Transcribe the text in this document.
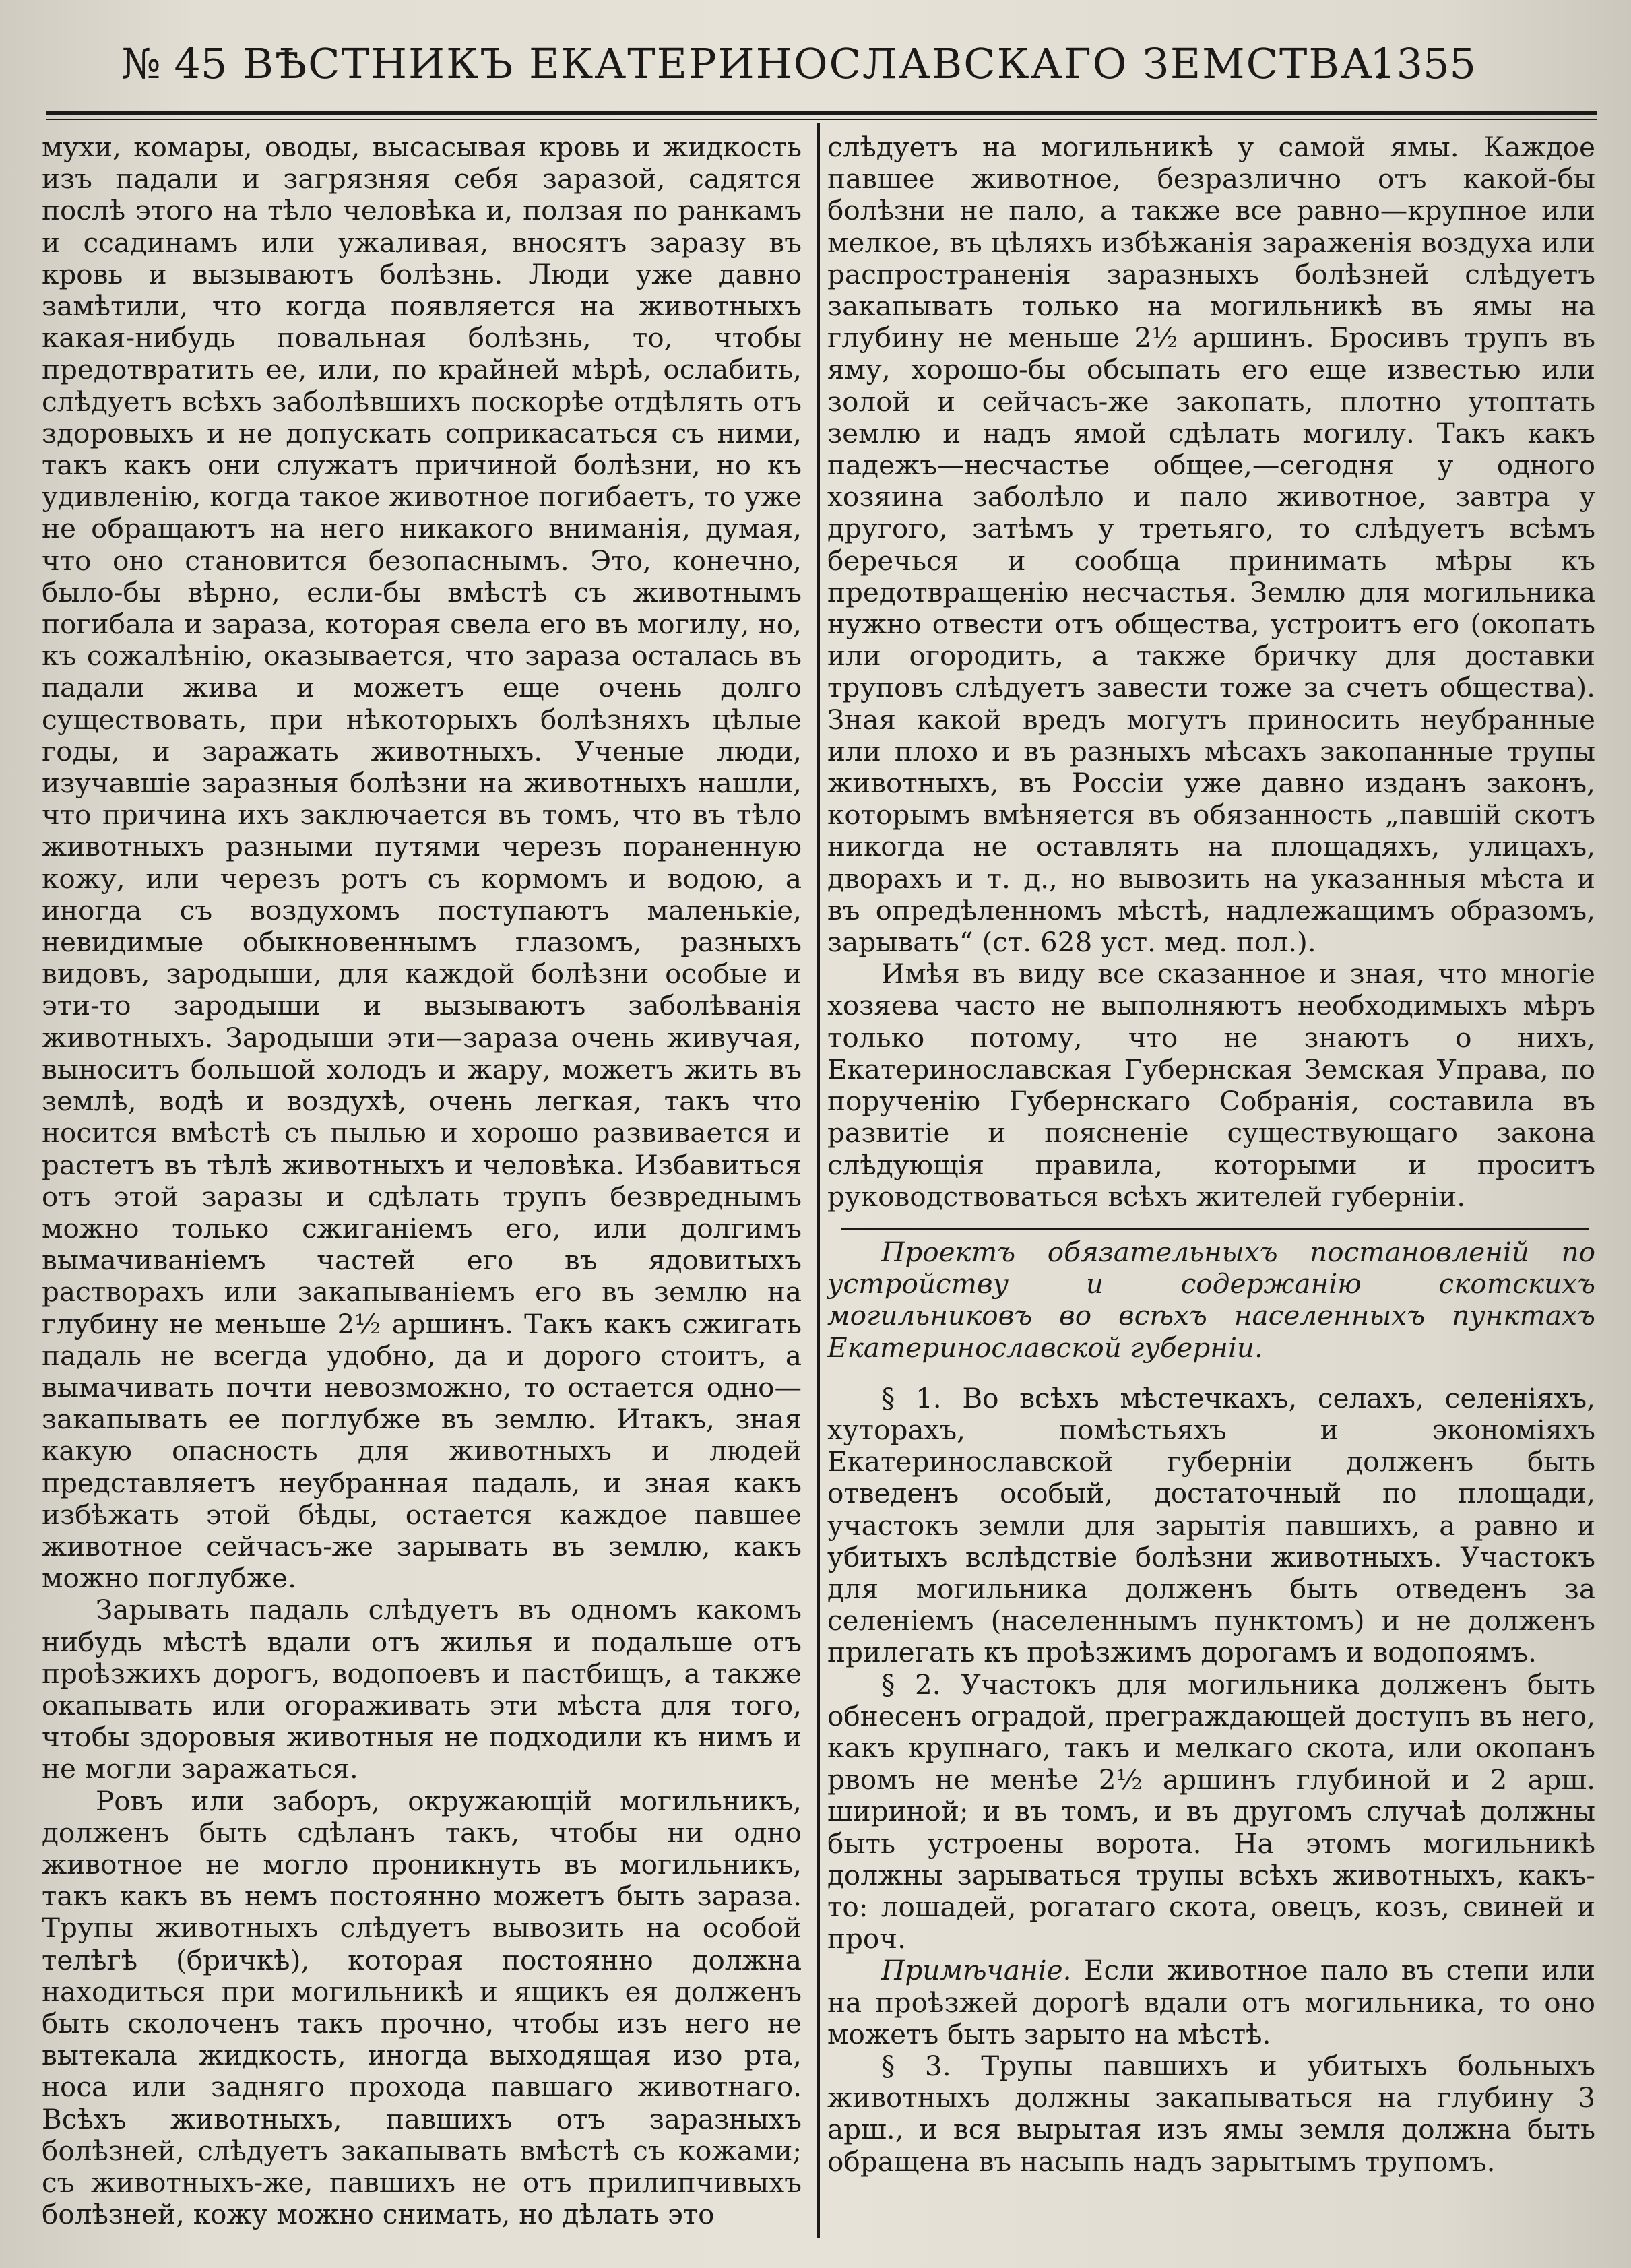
№ 45 ВѢСТНИКЪ ЕКАТЕРИНОСЛАВСКАГО ЗЕМСТВА.
1355

мухи, комары, оводы, высасывая кровь и жидкость изъ падали и загрязняя себя заразой, садятся послѣ этого на тѣло человѣка и, ползая по ранкамъ и ссадинамъ или ужаливая, вносятъ заразу въ кровь и вызываютъ болѣзнь. Люди уже давно замѣтили, что когда появляется на животныхъ какая-нибудь повальная болѣзнь, то, чтобы предотвратить ее, или, по крайней мѣрѣ, ослабить, слѣдуетъ всѣхъ заболѣвшихъ поскорѣе отдѣлять отъ здоровыхъ и не допускать соприкасаться съ ними, такъ какъ они служатъ причиной болѣзни, но къ удивленію, когда такое животное погибаетъ, то уже не обращаютъ на него никакого вниманія, думая, что оно становится безопаснымъ. Это, конечно, было-бы вѣрно, если-бы вмѣстѣ съ животнымъ погибала и зараза, которая свела его въ могилу, но, къ сожалѣнію, оказывается, что зараза осталась въ падали жива и можетъ еще очень долго существовать, при нѣкоторыхъ болѣзняхъ цѣлые годы, и заражать животныхъ. Ученые люди, изучавшіе заразныя болѣзни на животныхъ нашли, что причина ихъ заключается въ томъ, что въ тѣло животныхъ разными путями черезъ пораненную кожу, или черезъ ротъ съ кормомъ и водою, а иногда съ воздухомъ поступаютъ маленькіе, невидимые обыкновеннымъ глазомъ, разныхъ видовъ, зародыши, для каждой болѣзни особые и эти-то зародыши и вызываютъ заболѣванія животныхъ. Зародыши эти—зараза очень живучая, выноситъ большой холодъ и жару, можетъ жить въ землѣ, водѣ и воздухѣ, очень легкая, такъ что носится вмѣстѣ съ пылью и хорошо развивается и растетъ въ тѣлѣ животныхъ и человѣка. Избавиться отъ этой заразы и сдѣлать трупъ безвреднымъ можно только сжиганіемъ его, или долгимъ вымачиваніемъ частей его въ ядовитыхъ растворахъ или закапываніемъ его въ землю на глубину не меньше 2½ аршинъ. Такъ какъ сжигать падаль не всегда удобно, да и дорого стоитъ, а вымачивать почти невозможно, то остается одно—закапывать ее поглубже въ землю. Итакъ, зная какую опасность для животныхъ и людей представляетъ неубранная падаль, и зная какъ избѣжать этой бѣды, остается каждое павшее животное сейчасъ-же зарывать въ землю, какъ можно поглубже.

Зарывать падаль слѣдуетъ въ одномъ какомъ нибудь мѣстѣ вдали отъ жилья и подальше отъ проѣзжихъ дорогъ, водопоевъ и пастбищъ, а также окапывать или огораживать эти мѣста для того, чтобы здоровыя животныя не подходили къ нимъ и не могли заражаться.

Ровъ или заборъ, окружающій могильникъ, долженъ быть сдѣланъ такъ, чтобы ни одно животное не могло проникнуть въ могильникъ, такъ какъ въ немъ постоянно можетъ быть зараза. Трупы животныхъ слѣдуетъ вывозить на особой телѣгѣ (бричкѣ), которая постоянно должна находиться при могильникѣ и ящикъ ея долженъ быть сколоченъ такъ прочно, чтобы изъ него не вытекала жидкость, иногда выходящая изо рта, носа или задняго прохода павшаго животнаго. Всѣхъ животныхъ, павшихъ отъ заразныхъ болѣзней, слѣдуетъ закапывать вмѣстѣ съ кожами; съ животныхъ-же, павшихъ не отъ прилипчивыхъ болѣзней, кожу можно снимать, но дѣлать это

слѣдуетъ на могильникѣ у самой ямы. Каждое павшее животное, безразлично отъ какой-бы болѣзни не пало, а также все равно—крупное или мелкое, въ цѣляхъ избѣжанія зараженія воздуха или распространенія заразныхъ болѣзней слѣдуетъ закапывать только на могильникѣ въ ямы на глубину не меньше 2½ аршинъ. Бросивъ трупъ въ яму, хорошо-бы обсыпать его еще известью или золой и сейчасъ-же закопать, плотно утоптать землю и надъ ямой сдѣлать могилу. Такъ какъ падежъ—несчастье общее,—сегодня у одного хозяина заболѣло и пало животное, завтра у другого, затѣмъ у третьяго, то слѣдуетъ всѣмъ беречься и сообща принимать мѣры къ предотвращенію несчастья. Землю для могильника нужно отвести отъ общества, устроитъ его (окопать или огородить, а также бричку для доставки труповъ слѣдуетъ завести тоже за счетъ общества). Зная какой вредъ могутъ приносить неубранные или плохо и въ разныхъ мѣсахъ закопанные трупы животныхъ, въ Россіи уже давно изданъ законъ, которымъ вмѣняется въ обязанность „павшій скотъ никогда не оставлять на площадяхъ, улицахъ, дворахъ и т. д., но вывозить на указанныя мѣста и въ опредѣленномъ мѣстѣ, надлежащимъ образомъ, зарывать“ (ст. 628 уст. мед. пол.).

Имѣя въ виду все сказанное и зная, что многіе хозяева часто не выполняютъ необходимыхъ мѣръ только потому, что не знаютъ о нихъ, Екатеринославская Губернская Земская Управа, по порученію Губернскаго Собранія, составила въ развитіе и поясненіе существующаго закона слѣдующія правила, которыми и проситъ руководствоваться всѣхъ жителей губерніи.

Проектъ обязательныхъ постановленій по устройству и содержанію скотскихъ могильниковъ во всѣхъ населенныхъ пунктахъ Екатеринославской губерніи.

§ 1. Во всѣхъ мѣстечкахъ, селахъ, селеніяхъ, хуторахъ, помѣстьяхъ и экономіяхъ Екатеринославской губерніи долженъ быть отведенъ особый, достаточный по площади, участокъ земли для зарытія павшихъ, а равно и убитыхъ вслѣдствіе болѣзни животныхъ. Участокъ для могильника долженъ быть отведенъ за селеніемъ (населеннымъ пунктомъ) и не долженъ прилегать къ проѣзжимъ дорогамъ и водопоямъ.

§ 2. Участокъ для могильника долженъ быть обнесенъ оградой, преграждающей доступъ въ него, какъ крупнаго, такъ и мелкаго скота, или окопанъ рвомъ не менѣе 2½ аршинъ глубиной и 2 арш. шириной; и въ томъ, и въ другомъ случаѣ должны быть устроены ворота. На этомъ могильникѣ должны зарываться трупы всѣхъ животныхъ, какъ-то: лошадей, рогатаго скота, овецъ, козъ, свиней и проч.

Примѣчаніе. Если животное пало въ степи или на проѣзжей дорогѣ вдали отъ могильника, то оно можетъ быть зарыто на мѣстѣ.

§ 3. Трупы павшихъ и убитыхъ больныхъ животныхъ должны закапываться на глубину 3 арш., и вся вырытая изъ ямы земля должна быть обращена въ насыпь надъ зарытымъ трупомъ.
